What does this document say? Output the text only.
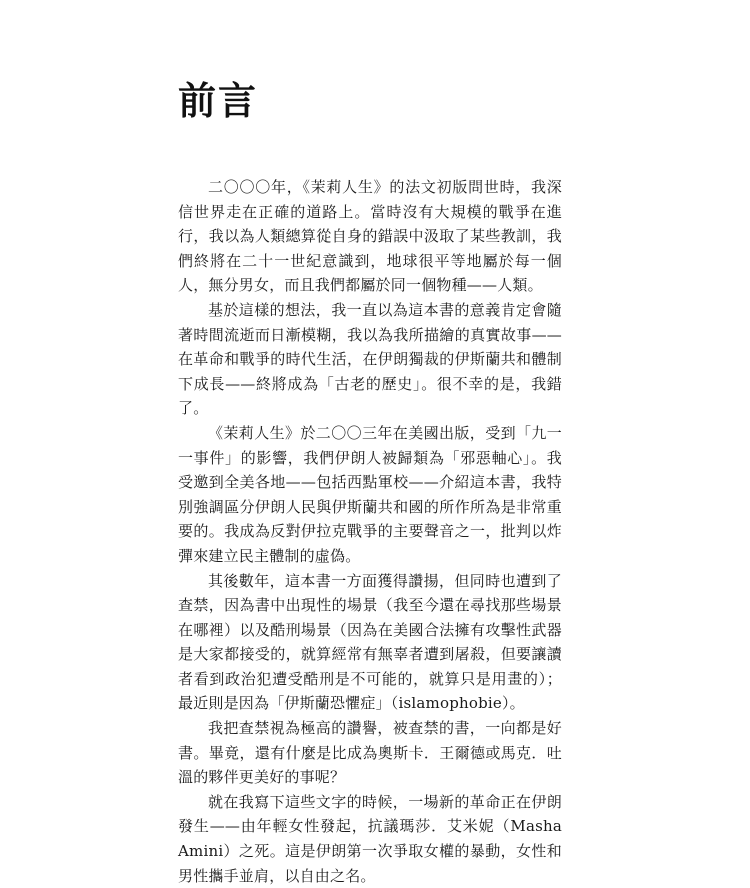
前言

二〇〇〇年，《茉莉人生》的法文初版問世時，我深信世界走在正確的道路上。當時沒有大規模的戰爭在進行，我以為人類總算從自身的錯誤中汲取了某些教訓，我們終將在二十一世紀意識到，地球很平等地屬於每一個人，無分男女，而且我們都屬於同一個物種——人類。

基於這樣的想法，我一直以為這本書的意義肯定會隨著時間流逝而日漸模糊，我以為我所描繪的真實故事——在革命和戰爭的時代生活，在伊朗獨裁的伊斯蘭共和體制下成長——終將成為「古老的歷史」。很不幸的是，我錯了。

《茉莉人生》於二〇〇三年在美國出版，受到「九一一事件」的影響，我們伊朗人被歸類為「邪惡軸心」。我受邀到全美各地——包括西點軍校——介紹這本書，我特別強調區分伊朗人民與伊斯蘭共和國的所作所為是非常重要的。我成為反對伊拉克戰爭的主要聲音之一，批判以炸彈來建立民主體制的虛偽。

其後數年，這本書一方面獲得讚揚，但同時也遭到了查禁，因為書中出現性的場景（我至今還在尋找那些場景在哪裡）以及酷刑場景（因為在美國合法擁有攻擊性武器是大家都接受的，就算經常有無辜者遭到屠殺，但要讓讀者看到政治犯遭受酷刑是不可能的，就算只是用畫的）；最近則是因為「伊斯蘭恐懼症」（islamophobie）。

我把查禁視為極高的讚譽，被查禁的書，一向都是好書。畢竟，還有什麼是比成為奧斯卡．王爾德或馬克．吐溫的夥伴更美好的事呢？

就在我寫下這些文字的時候，一場新的革命正在伊朗發生——由年輕女性發起，抗議瑪莎．艾米妮（Masha Amini）之死。這是伊朗第一次爭取女權的暴動，女性和男性攜手並肩，以自由之名。
